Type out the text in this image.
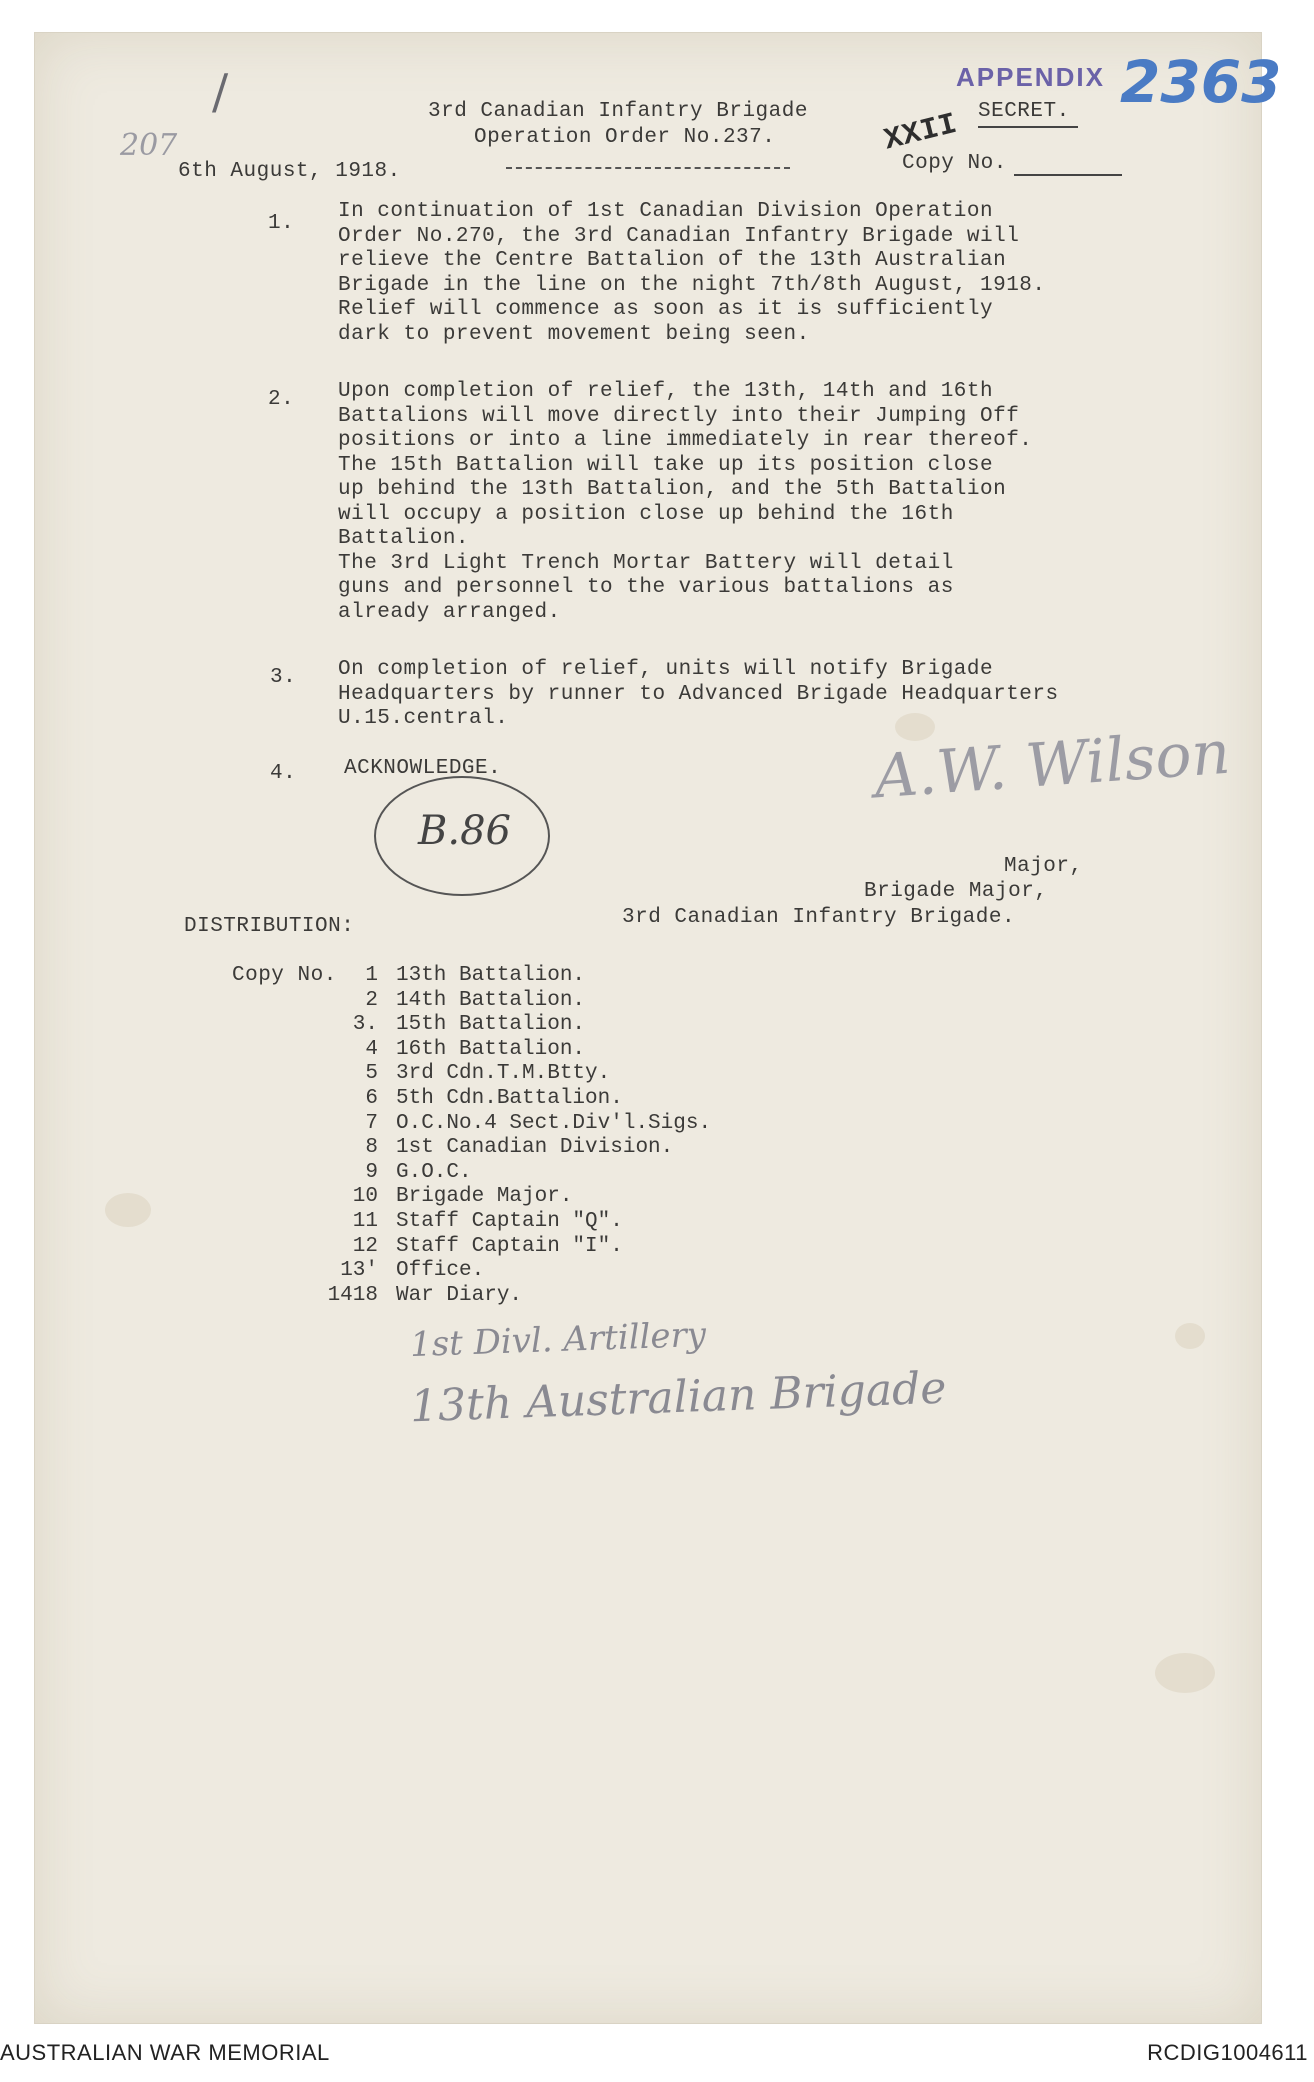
207
/	APPENDIX 2363
XXII
3rd Canadian Infantry Brigade
Operation Order No.237.
SECRET.
Copy No.
6th August, 1918.
1.
In continuation of 1st Canadian Division Operation
Order No.270, the 3rd Canadian Infantry Brigade will
relieve the Centre Battalion of the 13th Australian
Brigade in the line on the night 7th/8th August, 1918.
Relief will commence as soon as it is sufficiently
dark to prevent movement being seen.
2. Upon completion of relief, the 13th, 14th and 16th
Battalions will move directly into their Jumping Off
positions or into a line immediately in rear thereof.
The 15th Battalion will take up its position close
up behind the 13th Battalion, and the 5th Battalion
will occupy a position close up behind the 16th
Battalion.
The 3rd Light Trench Mortar Battery will detail
guns and personnel to the various battalions as
already arranged.
3. On completion of relief, units will notify Brigade
Headquarters by runner to Advanced Brigade Headquarters
U.15.central.
4. ACKNOWLEDGE.
B.86
A.W. Wilson
Major,
Brigade Major,
3rd Canadian Infantry Brigade.
DISTRIBUTION:
Copy No.	1 13th Battalion.
2 14th Battalion.
3. 15th Battalion.
4 16th Battalion.
5 3rd Cdn.T.M.Btty.
6 5th Cdn.Battalion.
7 O.C.No.4 Sect.Div'l.Sigs.
8 1st Canadian Division.
9 G.O.C.
10 Brigade Major.
11 Staff Captain "Q".
12 Staff Captain "I".
13' Office.
1418 War Diary.
1st Divl. Artillery
13th Australian Brigade
AUSTRALIAN WAR MEMORIAL	RCDIG1004611
